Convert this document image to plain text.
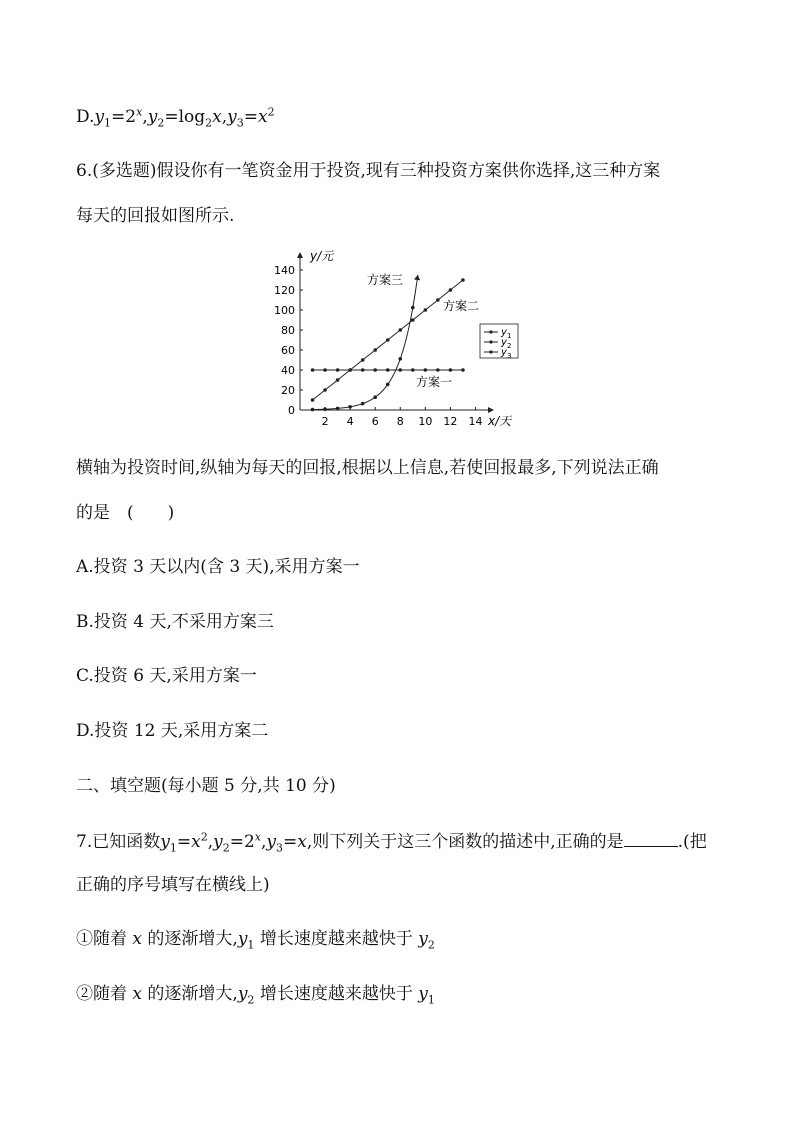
$D.y_1=2^x,y_2=\log_2x,y_3=x^2$
6.(多选题)假设你有一笔资金用于投资,现有三种投资方案供你选择,这三种方案
每天的回报如图所示.
0
20
40
60
80
100
120
140
2 4 6 8 10 12 14
y/元
x/天
方案三
方案二
方案一
y 1
y 2
y 3
横轴为投资时间,纵轴为每天的回报,根据以上信息,若使回报最多,下列说法正确
的是　(　　)
A.投资 3 天以内(含 3 天),采用方案一
B.投资 4 天,不采用方案三
C.投资 6 天,采用方案一
D.投资 12 天,采用方案二
二、填空题(每小题 5 分,共 10 分)
7.已知函数$y_1=x^2,y_2=2^x,y_3=x$,则下列关于这三个函数的描述中,正确的是	.(把
正确的序号填写在横线上)
①随着 x 的逐渐增大$,y_1$ 增长速度越来越快于 $y_2$
②随着 x 的逐渐增大$,y_2$ 增长速度越来越快于 $y_1$
